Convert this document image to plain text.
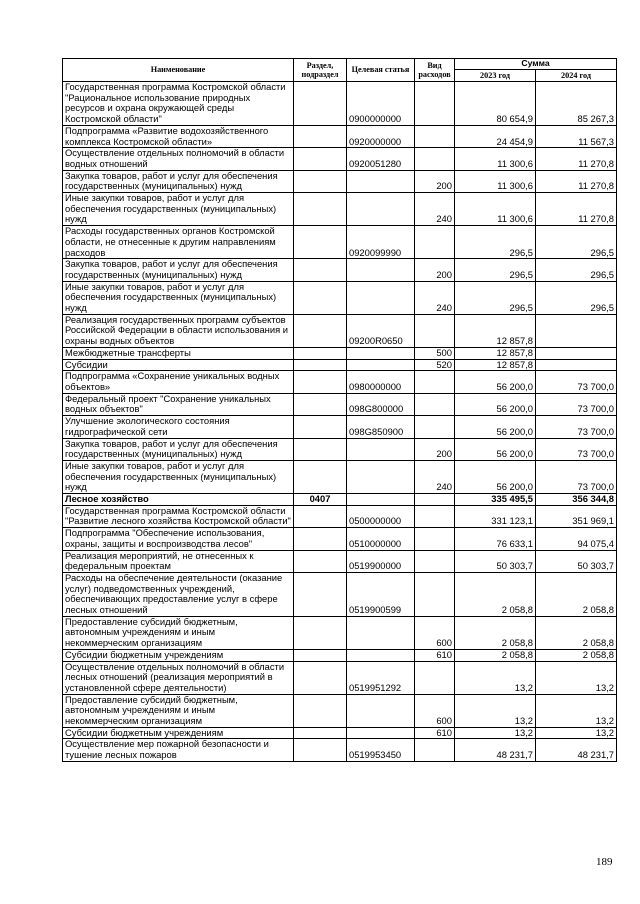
Наименование	Раздел, подраздел	Целевая статья	Вид расходов	Сумма	
				2023 год	2024 год
Государственная программа Костромской области "Рациональное использование природных ресурсов и охрана окружающей среды Костромской области"		0900000000		80 654,9	85 267,3
Подпрограмма «Развитие водохозяйственного комплекса Костромской области»		0920000000		24 454,9	11 567,3
Осуществление отдельных полномочий в области водных отношений		0920051280		11 300,6	11 270,8
Закупка товаров, работ и услуг для обеспечения государственных (муниципальных) нужд			200	11 300,6	11 270,8
Иные закупки товаров, работ и услуг для обеспечения государственных (муниципальных) нужд			240	11 300,6	11 270,8
Расходы государственных органов Костромской области, не отнесенные к другим направлениям расходов		0920099990		296,5	296,5
Закупка товаров, работ и услуг для обеспечения государственных (муниципальных) нужд			200	296,5	296,5
Иные закупки товаров, работ и услуг для обеспечения государственных (муниципальных) нужд			240	296,5	296,5
Реализация государственных программ субъектов Российской Федерации в области использования и охраны водных объектов		09200R0650		12 857,8	
Межбюджетные трансферты			500	12 857,8	
Субсидии			520	12 857,8	
Подпрограмма «Сохранение уникальных водных объектов»		0980000000		56 200,0	73 700,0
Федеральный проект "Сохранение уникальных водных объектов"		098G800000		56 200,0	73 700,0
Улучшение экологического состояния гидрографической сети		098G850900		56 200,0	73 700,0
Закупка товаров, работ и услуг для обеспечения государственных (муниципальных) нужд			200	56 200,0	73 700,0
Иные закупки товаров, работ и услуг для обеспечения государственных (муниципальных) нужд			240	56 200,0	73 700,0
Лесное хозяйство	0407			335 495,5	356 344,8
Государственная программа Костромской области "Развитие лесного хозяйства Костромской области"		0500000000		331 123,1	351 969,1
Подпрограмма "Обеспечение использования, охраны, защиты и воспроизводства лесов"		0510000000		76 633,1	94 075,4
Реализация мероприятий, не отнесенных к федеральным проектам		0519900000		50 303,7	50 303,7
Расходы на обеспечение деятельности (оказание услуг) подведомственных учреждений, обеспечивающих предоставление услуг в сфере лесных отношений		0519900599		2 058,8	2 058,8
Предоставление субсидий бюджетным, автономным учреждениям и иным некоммерческим организациям			600	2 058,8	2 058,8
Субсидии бюджетным учреждениям			610	2 058,8	2 058,8
Осуществление отдельных полномочий в области лесных отношений (реализация мероприятий в установленной сфере деятельности)		0519951292		13,2	13,2
Предоставление субсидий бюджетным, автономным учреждениям и иным некоммерческим организациям			600	13,2	13,2
Субсидии бюджетным учреждениям			610	13,2	13,2
Осуществление мер пожарной безопасности и тушение лесных пожаров		0519953450		48 231,7	48 231,7
189
